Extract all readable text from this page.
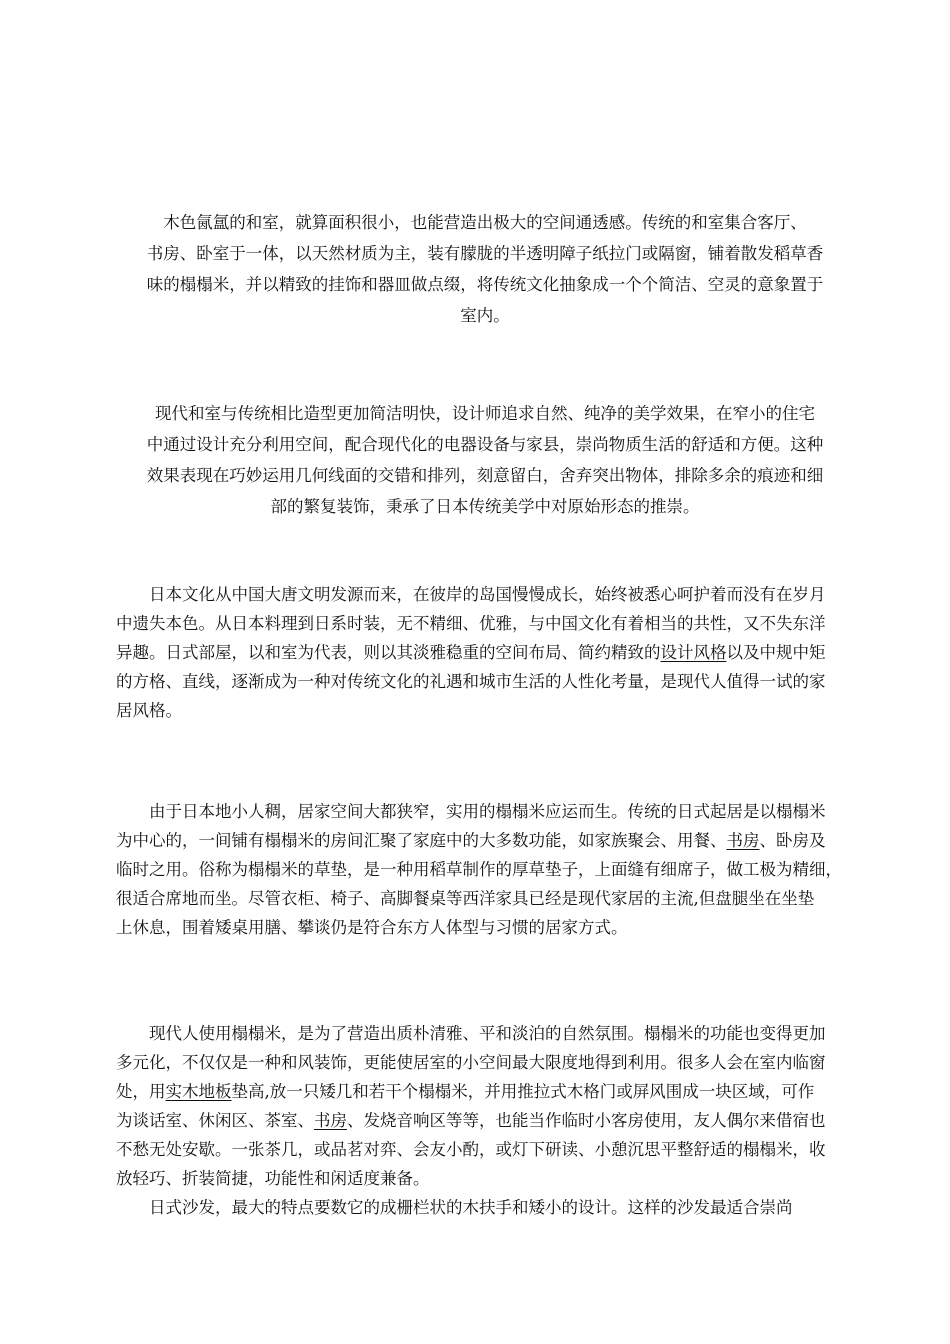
木色氤氲的和室，就算面积很小，也能营造出极大的空间通透感。传统的和室集合客厅、
书房、卧室于一体，以天然材质为主，装有朦胧的半透明障子纸拉门或隔窗，铺着散发稻草香
味的榻榻米，并以精致的挂饰和器皿做点缀，将传统文化抽象成一个个简洁、空灵的意象置于
室内。
现代和室与传统相比造型更加简洁明快，设计师追求自然、纯净的美学效果，在窄小的住宅
中通过设计充分利用空间，配合现代化的电器设备与家县，崇尚物质生活的舒适和方便。这种
效果表现在巧妙运用几何线面的交错和排列，刻意留白，舍弃突出物体，排除多余的痕迹和细
部的繁复装饰，秉承了日本传统美学中对原始形态的推崇。
日本文化从中国大唐文明发源而来，在彼岸的岛国慢慢成长，始终被悉心呵护着而没有在岁月
中遗失本色。从日本料理到日系时装，无不精细、优雅，与中国文化有着相当的共性，又不失东洋
异趣。日式部屋，以和室为代表，则以其淡雅稳重的空间布局、简约精致的设计风格以及中规中矩
的方格、直线，逐渐成为一种对传统文化的礼遇和城市生活的人性化考量，是现代人值得一试的家
居风格。
由于日本地小人稠，居家空间大都狭窄，实用的榻榻米应运而生。传统的日式起居是以榻榻米
为中心的，一间铺有榻榻米的房间汇聚了家庭中的大多数功能，如家族聚会、用餐、书房、卧房及
临时之用。俗称为榻榻米的草垫，是一种用稻草制作的厚草垫子，上面缝有细席子，做工极为精细，
很适合席地而坐。尽管衣柜、椅子、高脚餐桌等西洋家具已经是现代家居的主流,但盘腿坐在坐垫
上休息，围着矮桌用膳、攀谈仍是符合东方人体型与习惯的居家方式。
现代人使用榻榻米，是为了营造出质朴清雅、平和淡泊的自然氛围。榻榻米的功能也变得更加
多元化，不仅仅是一种和风装饰，更能使居室的小空间最大限度地得到利用。很多人会在室内临窗
处，用实木地板垫高,放一只矮几和若干个榻榻米，并用推拉式木格门或屏风围成一块区域，可作
为谈话室、休闲区、茶室、书房、发烧音响区等等，也能当作临时小客房使用，友人偶尔来借宿也
不愁无处安歇。一张茶几，或品茗对弈、会友小酌，或灯下研读、小憩沉思平整舒适的榻榻米，收
放轻巧、折装简捷，功能性和闲适度兼备。
日式沙发，最大的特点要数它的成栅栏状的木扶手和矮小的设计。这样的沙发最适合崇尚
